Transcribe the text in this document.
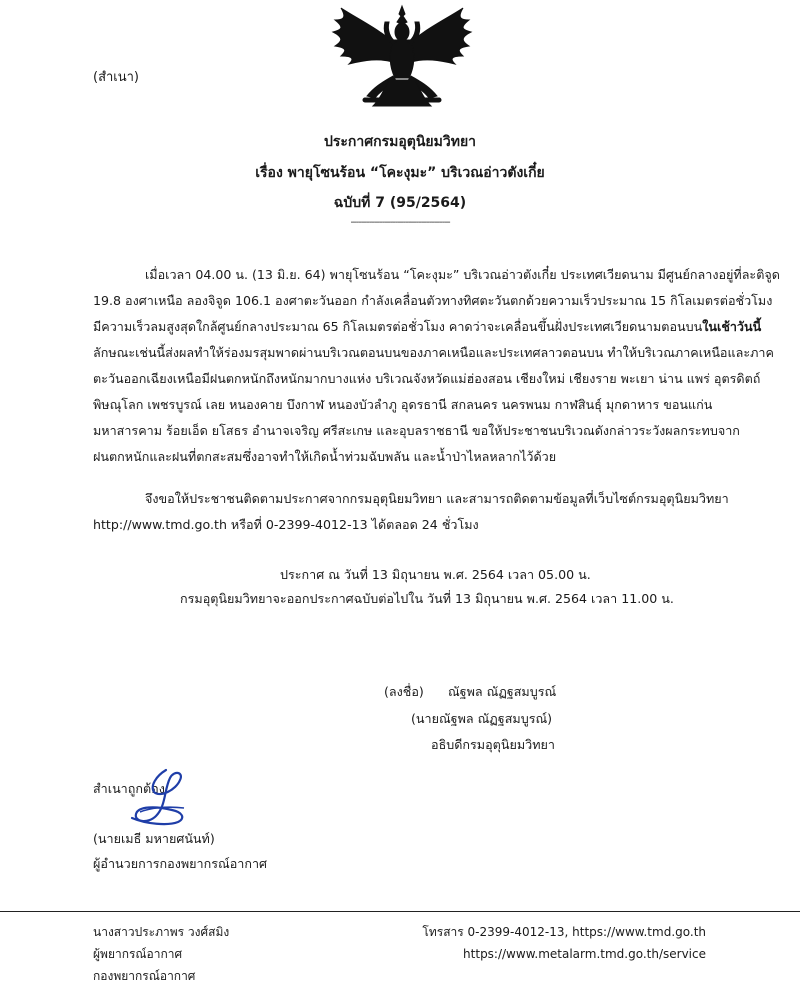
(สำเนา)
ประกาศกรมอุตุนิยมวิทยา
เรื่อง พายุโซนร้อน “โคะงุมะ” บริเวณอ่าวตังเกี๋ย
ฉบับที่ 7 (95/2564)
--------------------------------------
เมื่อเวลา 04.00 น. (13 มิ.ย. 64) พายุโซนร้อน “โคะงุมะ” บริเวณอ่าวตังเกี๋ย ประเทศเวียดนาม มีศูนย์กลางอยู่ที่ละติจูด
19.8 องศาเหนือ ลองจิจูด 106.1 องศาตะวันออก กำลังเคลื่อนตัวทางทิศตะวันตกด้วยความเร็วประมาณ 15 กิโลเมตรต่อชั่วโมง
มีความเร็วลมสูงสุดใกล้ศูนย์กลางประมาณ 65 กิโลเมตรต่อชั่วโมง คาดว่าจะเคลื่อนขึ้นฝั่งประเทศเวียดนามตอนบนในเช้าวันนี้
ลักษณะเช่นนี้ส่งผลทำให้ร่องมรสุมพาดผ่านบริเวณตอนบนของภาคเหนือและประเทศลาวตอนบน ทำให้บริเวณภาคเหนือและภาค
ตะวันออกเฉียงเหนือมีฝนตกหนักถึงหนักมากบางแห่ง บริเวณจังหวัดแม่ฮ่องสอน เชียงใหม่ เชียงราย พะเยา น่าน แพร่ อุตรดิตถ์
พิษณุโลก เพชรบูรณ์ เลย หนองคาย บึงกาฬ หนองบัวลำภู อุดรธานี สกลนคร นครพนม กาฬสินธุ์ มุกดาหาร ขอนแก่น
มหาสารคาม ร้อยเอ็ด ยโสธร อำนาจเจริญ ศรีสะเกษ และอุบลราชธานี ขอให้ประชาชนบริเวณดังกล่าวระวังผลกระทบจาก
ฝนตกหนักและฝนที่ตกสะสมซึ่งอาจทำให้เกิดน้ำท่วมฉับพลัน และน้ำป่าไหลหลากไว้ด้วย
จึงขอให้ประชาชนติดตามประกาศจากกรมอุตุนิยมวิทยา และสามารถติดตามข้อมูลที่เว็บไซต์กรมอุตุนิยมวิทยา
http://www.tmd.go.th หรือที่ 0-2399-4012-13 ได้ตลอด 24 ชั่วโมง
ประกาศ ณ วันที่ 13 มิถุนายน พ.ศ. 2564 เวลา 05.00 น.
กรมอุตุนิยมวิทยาจะออกประกาศฉบับต่อไปใน วันที่ 13 มิถุนายน พ.ศ. 2564 เวลา 11.00 น.
(ลงชื่อ) ณัฐพล ณัฏฐสมบูรณ์
(นายณัฐพล ณัฏฐสมบูรณ์)
อธิบดีกรมอุตุนิยมวิทยา
สำเนาถูกต้อง
(นายเมธี มหายศนันท์)
ผู้อำนวยการกองพยากรณ์อากาศ
นางสาวประภาพร วงศ์สมิง
ผู้พยากรณ์อากาศ
กองพยากรณ์อากาศ
โทรสาร 0-2399-4012-13, https://www.tmd.go.th
https://www.metalarm.tmd.go.th/service
